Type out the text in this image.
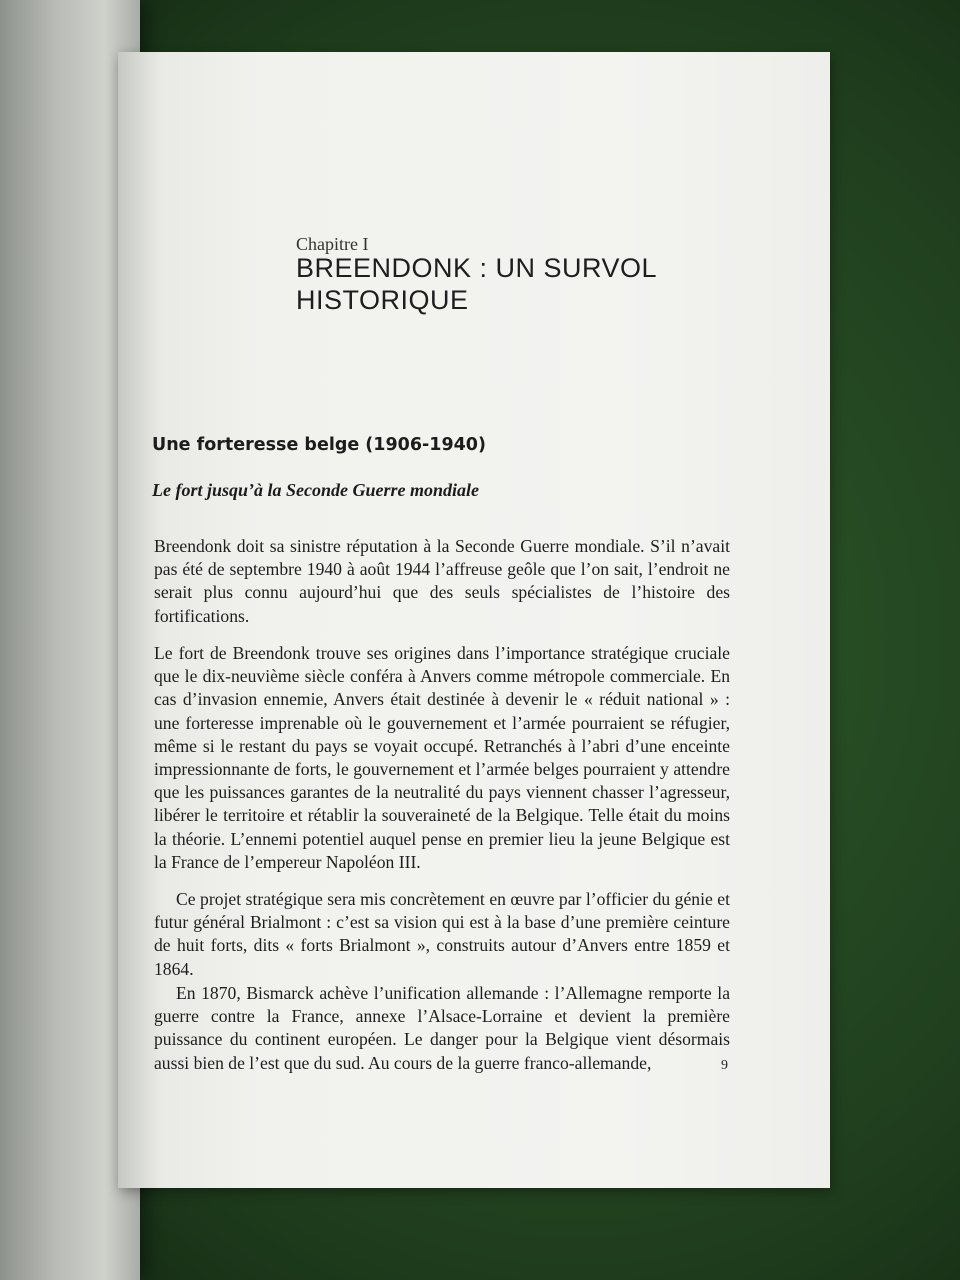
Chapitre I
BREENDONK : UN SURVOL HISTORIQUE
Une forteresse belge (1906-1940)
Le fort jusqu’à la Seconde Guerre mondiale

Breendonk doit sa sinistre réputation à la Seconde Guerre mondiale. S’il n’avait pas été de septembre 1940 à août 1944 l’affreuse geôle que l’on sait, l’endroit ne serait plus connu aujourd’hui que des seuls spécialistes de l’histoire des fortifications.

Le fort de Breendonk trouve ses origines dans l’importance stratégique cruciale que le dix-neuvième siècle conféra à Anvers comme métropole commerciale. En cas d’invasion ennemie, Anvers était destinée à devenir le « réduit national » : une forteresse imprenable où le gouvernement et l’armée pourraient se réfugier, même si le restant du pays se voyait occupé. Retranchés à l’abri d’une enceinte impressionnante de forts, le gouvernement et l’armée belges pourraient y attendre que les puissances garantes de la neutralité du pays viennent chasser l’agresseur, libérer le territoire et rétablir la souveraineté de la Belgique. Telle était du moins la théorie. L’ennemi potentiel auquel pense en premier lieu la jeune Belgique est la France de l’empereur Napoléon III.

Ce projet stratégique sera mis concrètement en œuvre par l’officier du génie et futur général Brialmont : c’est sa vision qui est à la base d’une première ceinture de huit forts, dits « forts Brialmont », construits autour d’Anvers entre 1859 et 1864.

En 1870, Bismarck achève l’unification allemande : l’Allemagne remporte la guerre contre la France, annexe l’Alsace-Lorraine et devient la première puissance du continent européen. Le danger pour la Belgique vient désormais aussi bien de l’est que du sud. Au cours de la guerre franco-allemande,	9
